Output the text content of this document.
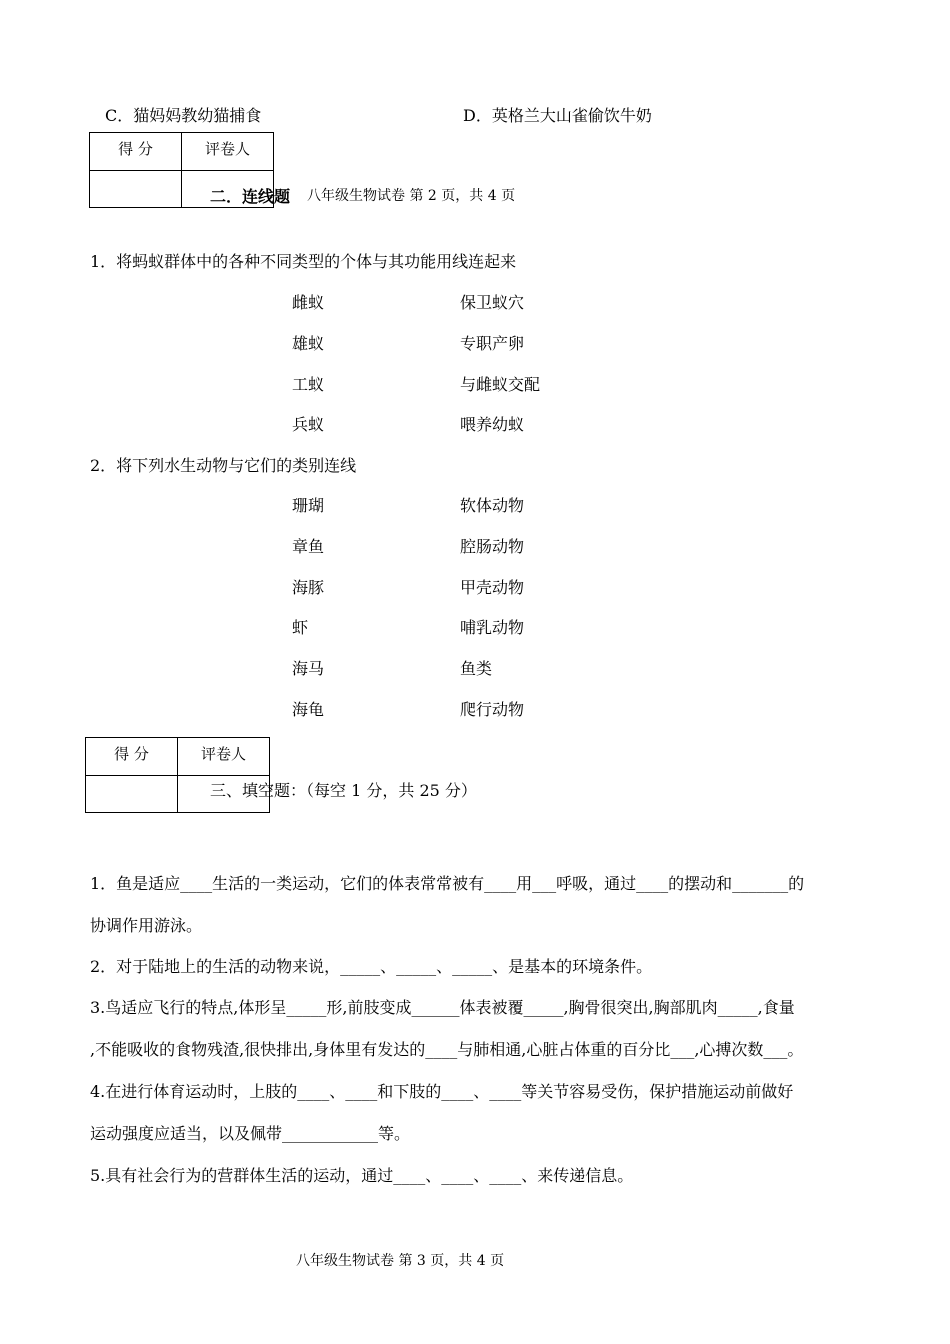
C．猫妈妈教幼猫捕食	D．英格兰大山雀偷饮牛奶
得 分	评卷人

二．连线题 八年级生物试卷 第 2 页，共 4 页
1．将蚂蚁群体中的各种不同类型的个体与其功能用线连起来
雌蚁	保卫蚁穴
雄蚁	专职产卵
工蚁	与雌蚁交配
兵蚁	喂养幼蚁
2．将下列水生动物与它们的类别连线
珊瑚	软体动物
章鱼	腔肠动物
海豚	甲壳动物
虾	哺乳动物
海马	鱼类
海龟	爬行动物
得 分	评卷人

三、填空题：（每空 1 分，共 25 分）
1．鱼是适应____生活的一类运动，它们的体表常常被有____用___呼吸，通过____的摆动和_______的
协调作用游泳。
2．对于陆地上的生活的动物来说，_____、_____、_____、是基本的环境条件。
3.鸟适应飞行的特点,体形呈_____形,前肢变成______体表被覆_____,胸骨很突出,胸部肌肉_____,食量
,不能吸收的食物残渣,很快排出,身体里有发达的____与肺相通,心脏占体重的百分比___,心搏次数___。
4.在进行体育运动时，上肢的____、____和下肢的____、____等关节容易受伤，保护措施运动前做好
运动强度应适当，以及佩带____________等。
5.具有社会行为的营群体生活的运动，通过____、____、____、来传递信息。
八年级生物试卷 第 3 页，共 4 页
